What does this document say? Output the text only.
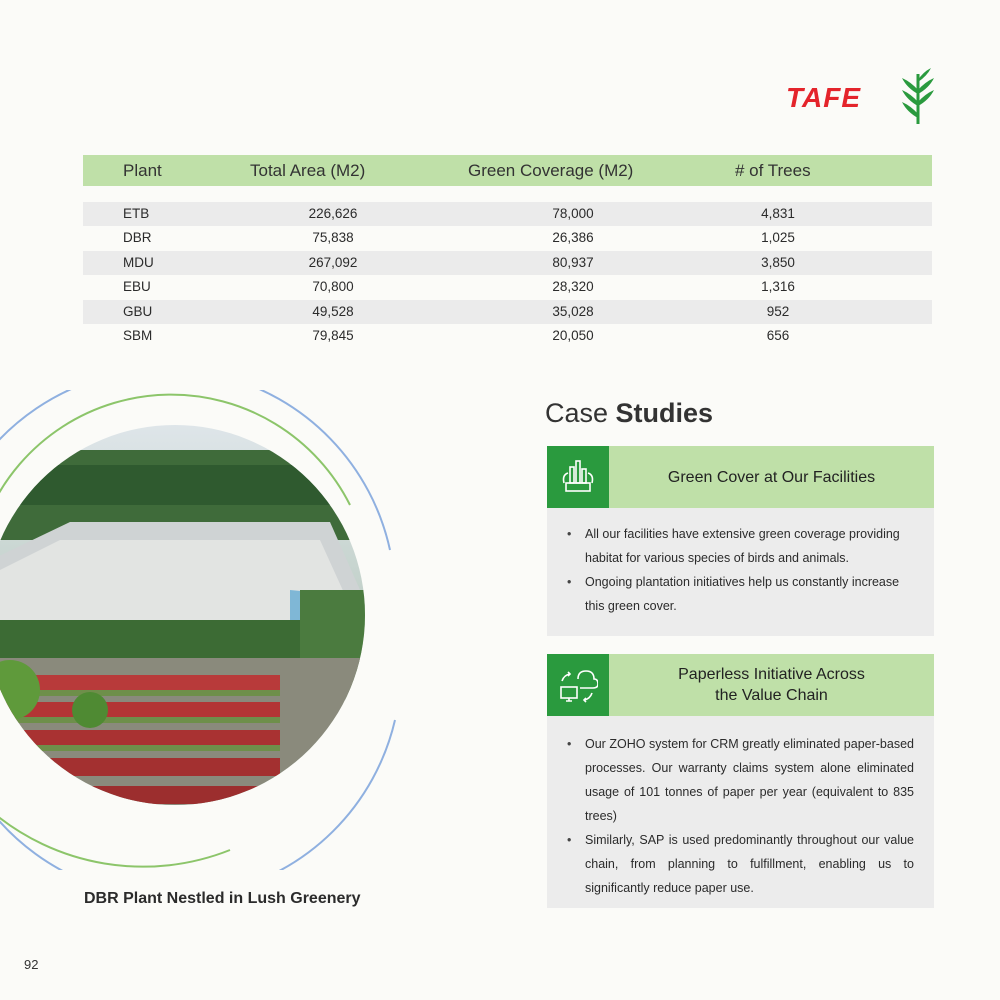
TAFE
Plant	Total Area (M2)	Green Coverage (M2)	# of Trees
ETB	226,626	78,000	4,831
DBR	75,838	26,386	1,025
MDU	267,092	80,937	3,850
EBU	70,800	28,320	1,316
GBU	49,528	35,028	952
SBM	79,845	20,050	656
DBR Plant Nestled in Lush Greenery
Case Studies
Green Cover at Our Facilities
• All our facilities have extensive green coverage providing habitat for various species of birds and animals.
• Ongoing plantation initiatives help us constantly increase this green cover.
Paperless Initiative Across
the Value Chain
• Our ZOHO system for CRM greatly eliminated paper-based processes. Our warranty claims system alone eliminated usage of 101 tonnes of paper per year (equivalent to 835 trees)
• Similarly, SAP is used predominantly throughout our value chain, from planning to fulfillment, enabling us to significantly reduce paper use.
92
